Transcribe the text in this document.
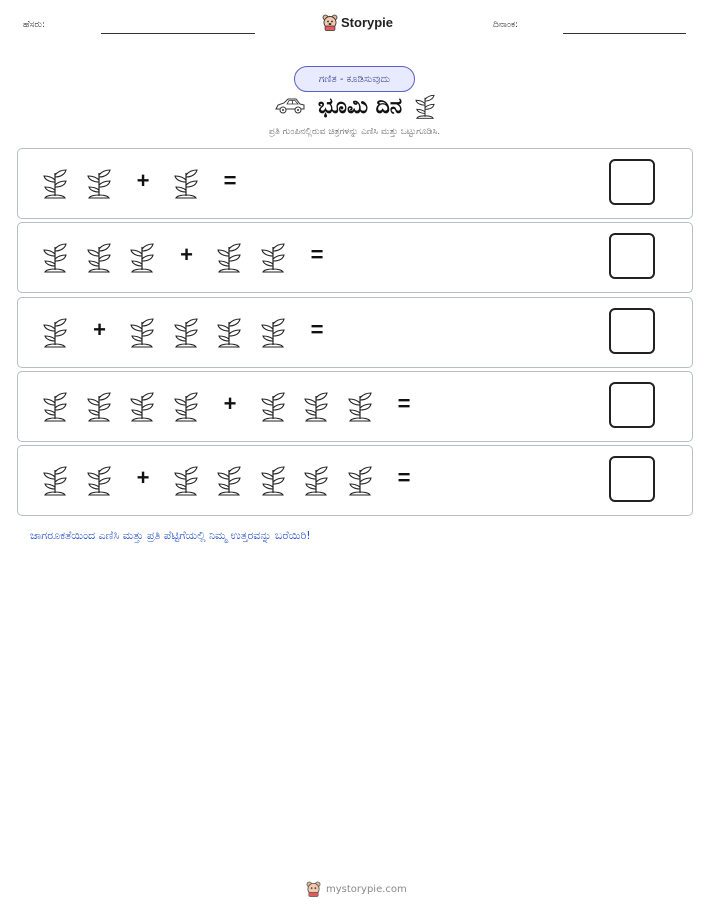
ಹೆಸರು:	Storypie	ದಿನಾಂಕ:
ಗಣಿತ - ಕೂಡಿಸುವುದು
ಭೂಮಿ ದಿನ

ಪ್ರತಿ ಗುಂಪಿನಲ್ಲಿರುವ ಚಿತ್ರಗಳನ್ನು ಎಣಿಸಿ ಮತ್ತು ಒಟ್ಟುಗೂಡಿಸಿ.

+	=
+	=
+	=
+	=
+	=

ಜಾಗರೂಕತೆಯಿಂದ ಎಣಿಸಿ ಮತ್ತು ಪ್ರತಿ ಪೆಟ್ಟಿಗೆಯಲ್ಲಿ ನಿಮ್ಮ ಉತ್ತರವನ್ನು ಬರೆಯಿರಿ!

mystorypie.com
